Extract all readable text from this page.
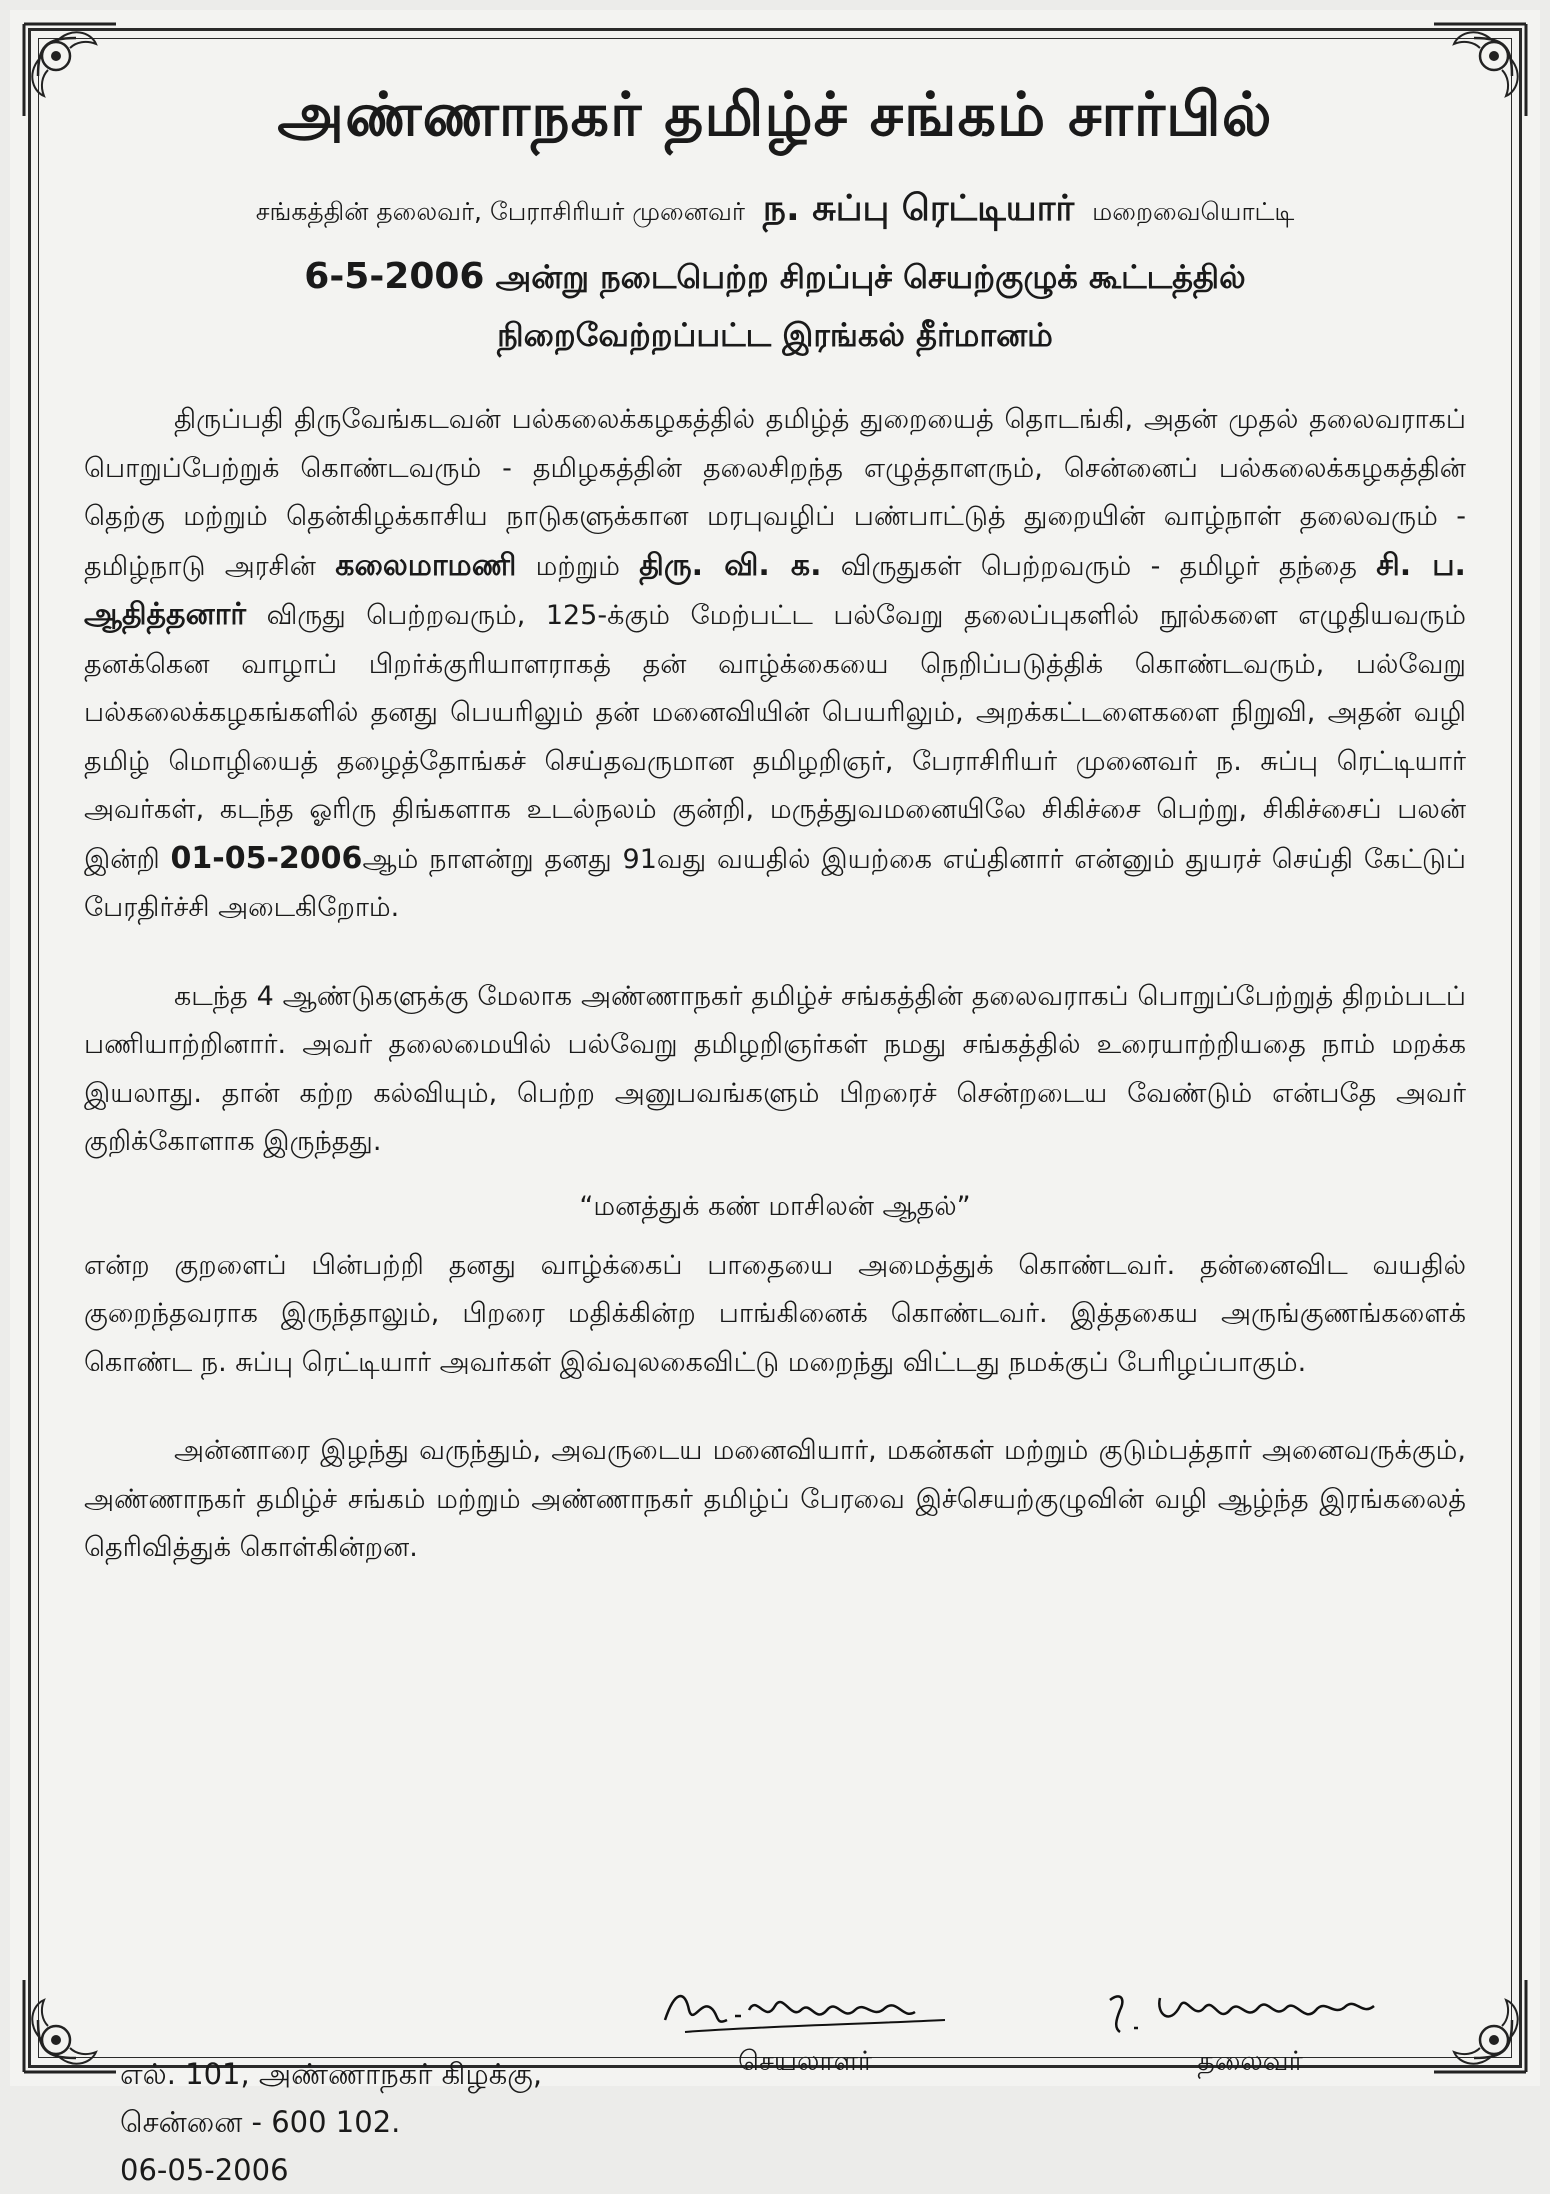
அண்ணாநகர் தமிழ்ச் சங்கம் சார்பில்
சங்கத்தின் தலைவர், பேராசிரியர் முனைவர் ந. சுப்பு ரெட்டியார் மறைவையொட்டி
6-5-2006 அன்று நடைபெற்ற சிறப்புச் செயற்குழுக் கூட்டத்தில்
நிறைவேற்றப்பட்ட இரங்கல் தீர்மானம்

திருப்பதி திருவேங்கடவன் பல்கலைக்கழகத்தில் தமிழ்த் துறையைத் தொடங்கி, அதன் முதல் தலைவராகப் பொறுப்பேற்றுக் கொண்டவரும் - தமிழகத்தின் தலைசிறந்த எழுத்தாளரும், சென்னைப் பல்கலைக்கழகத்தின் தெற்கு மற்றும் தென்கிழக்காசிய நாடுகளுக்கான மரபுவழிப் பண்பாட்டுத் துறையின் வாழ்நாள் தலைவரும் - தமிழ்நாடு அரசின் கலைமாமணி மற்றும் திரு. வி. க. விருதுகள் பெற்றவரும் - தமிழர் தந்தை சி. ப. ஆதித்தனார் விருது பெற்றவரும், 125-க்கும் மேற்பட்ட பல்வேறு தலைப்புகளில் நூல்களை எழுதியவரும் தனக்கென வாழாப் பிறர்க்குரியாளராகத் தன் வாழ்க்கையை நெறிப்படுத்திக் கொண்டவரும், பல்வேறு பல்கலைக்கழகங்களில் தனது பெயரிலும் தன் மனைவியின் பெயரிலும், அறக்கட்டளைகளை நிறுவி, அதன் வழி தமிழ் மொழியைத் தழைத்தோங்கச் செய்தவருமான தமிழறிஞர், பேராசிரியர் முனைவர் ந. சுப்பு ரெட்டியார் அவர்கள், கடந்த ஓரிரு திங்களாக உடல்நலம் குன்றி, மருத்துவமனையிலே சிகிச்சை பெற்று, சிகிச்சைப் பலன் இன்றி 01-05-2006ஆம் நாளன்று தனது 91வது வயதில் இயற்கை எய்தினார் என்னும் துயரச் செய்தி கேட்டுப் பேரதிர்ச்சி அடைகிறோம்.

கடந்த 4 ஆண்டுகளுக்கு மேலாக அண்ணாநகர் தமிழ்ச் சங்கத்தின் தலைவராகப் பொறுப்பேற்றுத் திறம்படப் பணியாற்றினார். அவர் தலைமையில் பல்வேறு தமிழறிஞர்கள் நமது சங்கத்தில் உரையாற்றியதை நாம் மறக்க இயலாது. தான் கற்ற கல்வியும், பெற்ற அனுபவங்களும் பிறரைச் சென்றடைய வேண்டும் என்பதே அவர் குறிக்கோளாக இருந்தது.

“மனத்துக் கண் மாசிலன் ஆதல்”

என்ற குறளைப் பின்பற்றி தனது வாழ்க்கைப் பாதையை அமைத்துக் கொண்டவர். தன்னைவிட வயதில் குறைந்தவராக இருந்தாலும், பிறரை மதிக்கின்ற பாங்கினைக் கொண்டவர். இத்தகைய அருங்குணங்களைக் கொண்ட ந. சுப்பு ரெட்டியார் அவர்கள் இவ்வுலகைவிட்டு மறைந்து விட்டது நமக்குப் பேரிழப்பாகும்.

அன்னாரை இழந்து வருந்தும், அவருடைய மனைவியார், மகன்கள் மற்றும் குடும்பத்தார் அனைவருக்கும், அண்ணாநகர் தமிழ்ச் சங்கம் மற்றும் அண்ணாநகர் தமிழ்ப் பேரவை இச்செயற்குழுவின் வழி ஆழ்ந்த இரங்கலைத் தெரிவித்துக் கொள்கின்றன.

எல். 101, அண்ணாநகர் கிழக்கு,
சென்னை - 600 102.
06-05-2006
செயலாளர்	தலைவர்
